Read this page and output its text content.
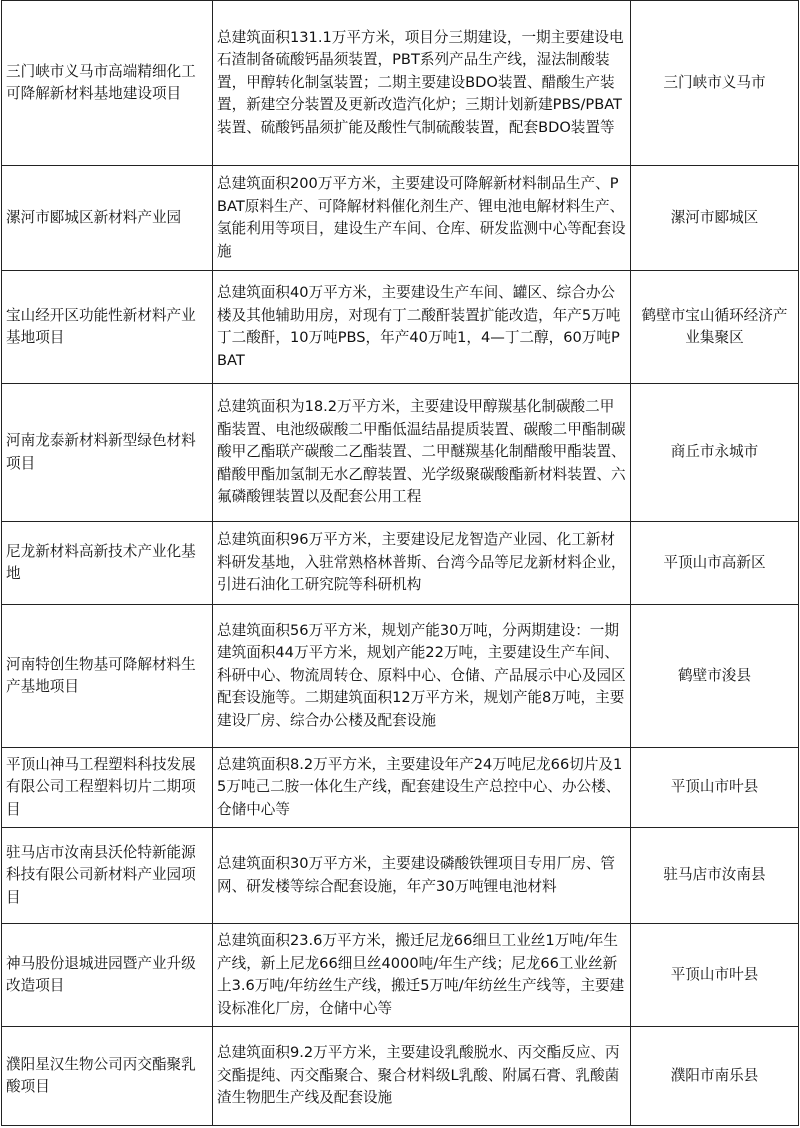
三门峡市义马市高端精细化工可降解新材料基地建设项目	总建筑面积131.1万平方米，项目分三期建设，一期主要建设电石渣制备硫酸钙晶须装置，PBT系列产品生产线，湿法制酸装置，甲醇转化制氢装置；二期主要建设BDO装置、醋酸生产装置，新建空分装置及更新改造汽化炉；三期计划新建PBS/PBAT装置、硫酸钙晶须扩能及酸性气制硫酸装置，配套BDO装置等	三门峡市义马市
漯河市郾城区新材料产业园	总建筑面积200万平方米，主要建设可降解新材料制品生产、PBAT原料生产、可降解材料催化剂生产、锂电池电解材料生产、氢能利用等项目，建设生产车间、仓库、研发监测中心等配套设施	漯河市郾城区
宝山经开区功能性新材料产业基地项目	总建筑面积40万平方米，主要建设生产车间、罐区、综合办公楼及其他辅助用房，对现有丁二酸酐装置扩能改造，年产5万吨丁二酸酐，10万吨PBS，年产40万吨1，4—丁二醇，60万吨PBAT	鹤壁市宝山循环经济产业集聚区
河南龙泰新材料新型绿色材料项目	总建筑面积为18.2万平方米，主要建设甲醇羰基化制碳酸二甲酯装置、电池级碳酸二甲酯低温结晶提质装置、碳酸二甲酯制碳酸甲乙酯联产碳酸二乙酯装置、二甲醚羰基化制醋酸甲酯装置、醋酸甲酯加氢制无水乙醇装置、光学级聚碳酸酯新材料装置、六氟磷酸锂装置以及配套公用工程	商丘市永城市
尼龙新材料高新技术产业化基地	总建筑面积96万平方米，主要建设尼龙智造产业园、化工新材料研发基地，入驻常熟格林普斯、台湾今品等尼龙新材料企业，引进石油化工研究院等科研机构	平顶山市高新区
河南特创生物基可降解材料生产基地项目	总建筑面积56万平方米，规划产能30万吨，分两期建设：一期建筑面积44万平方米，规划产能22万吨，主要建设生产车间、科研中心、物流周转仓、原料中心、仓储、产品展示中心及园区配套设施等。二期建筑面积12万平方米，规划产能8万吨，主要建设厂房、综合办公楼及配套设施	鹤壁市浚县
平顶山神马工程塑料科技发展有限公司工程塑料切片二期项目	总建筑面积8.2万平方米，主要建设年产24万吨尼龙66切片及15万吨己二胺一体化生产线，配套建设生产总控中心、办公楼、仓储中心等	平顶山市叶县
驻马店市汝南县沃伦特新能源科技有限公司新材料产业园项目	总建筑面积30万平方米，主要建设磷酸铁锂项目专用厂房、管网、研发楼等综合配套设施，年产30万吨锂电池材料	驻马店市汝南县
神马股份退城进园暨产业升级改造项目	总建筑面积23.6万平方米，搬迁尼龙66细旦工业丝1万吨/年生产线，新上尼龙66细旦丝4000吨/年生产线；尼龙66工业丝新上3.6万吨/年纺丝生产线，搬迁5万吨/年纺丝生产线等，主要建设标准化厂房，仓储中心等	平顶山市叶县
濮阳星汉生物公司丙交酯聚乳酸项目	总建筑面积9.2万平方米，主要建设乳酸脱水、丙交酯反应、丙交酯提纯、丙交酯聚合、聚合材料级L乳酸、附属石膏、乳酸菌渣生物肥生产线及配套设施	濮阳市南乐县
